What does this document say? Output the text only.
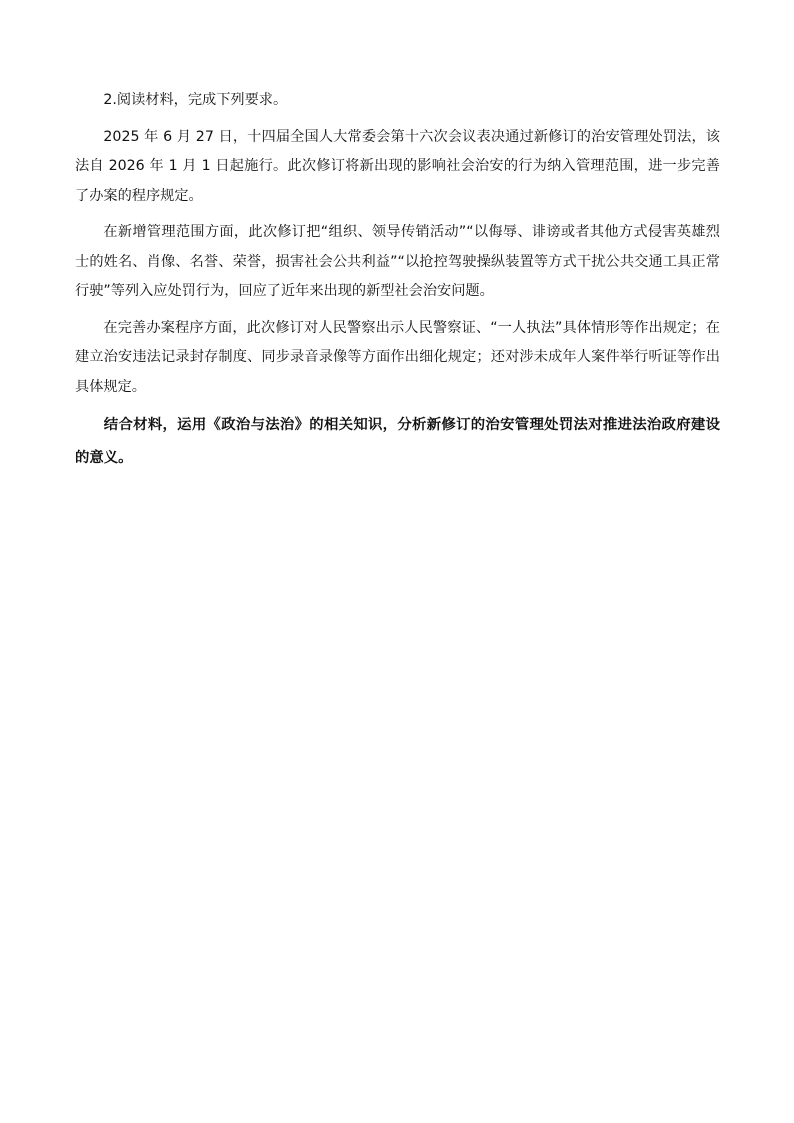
2.阅读材料，完成下列要求。

2025 年 6 月 27 日，十四届全国人大常委会第十六次会议表决通过新修订的治安管理处罚法，该法自 2026 年 1 月 1 日起施行。此次修订将新出现的影响社会治安的行为纳入管理范围，进一步完善了办案的程序规定。

在新增管理范围方面，此次修订把“组织、领导传销活动”“以侮辱、诽谤或者其他方式侵害英雄烈士的姓名、肖像、名誉、荣誉，损害社会公共利益”“以抢控驾驶操纵装置等方式干扰公共交通工具正常行驶”等列入应处罚行为，回应了近年来出现的新型社会治安问题。

在完善办案程序方面，此次修订对人民警察出示人民警察证、“一人执法”具体情形等作出规定；在建立治安违法记录封存制度、同步录音录像等方面作出细化规定；还对涉未成年人案件举行听证等作出具体规定。

结合材料，运用《政治与法治》的相关知识，分析新修订的治安管理处罚法对推进法治政府建设的意义。
